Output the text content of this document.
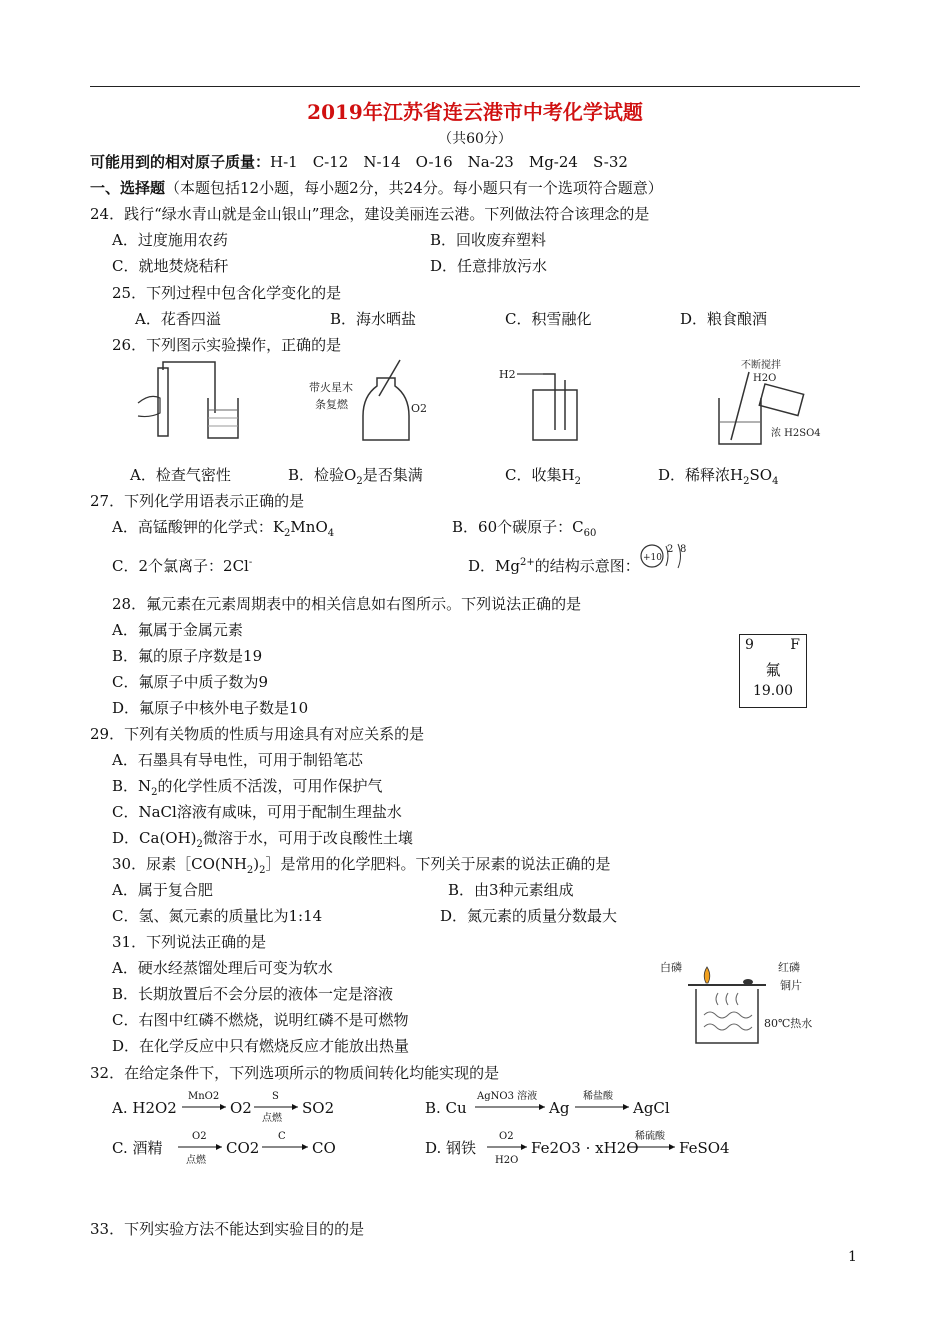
2019年江苏省连云港市中考化学试题
（共60分）
可能用到的相对原子质量：H-1　C-12　N-14　O-16　Na-23　Mg-24　S-32
一、选择题（本题包括12小题，每小题2分，共24分。每小题只有一个选项符合题意）
24．践行“绿水青山就是金山银山”理念，建设美丽连云港。下列做法符合该理念的是
A．过度施用农药	B．回收废弃塑料
C．就地焚烧秸秆	D．任意排放污水
25．下列过程中包含化学变化的是
A．花香四溢	B．海水晒盐	C．积雪融化	D．粮食酿酒
26．下列图示实验操作，正确的是
带火星木
条复燃	O2
H2
不断搅拌
H2O
浓 H2SO4
A．检查气密性	B．检验$O_2$是否集满	C．收集$H_2$	D．稀释浓$H_2SO_4$
27．下列化学用语表示正确的是
A．高锰酸钾的化学式：$K_2MnO_4$	B．60个碳原子：$C_{60}$
C．2个氯离子：2Cl-	D．$Mg^{2+}$的结构示意图： +10
2 8
28．氟元素在元素周期表中的相关信息如右图所示。下列说法正确的是
A．氟属于金属元素
B．氟的原子序数是19
C．氟原子中质子数为9
D．氟原子中核外电子数是10
9	F
氟
19.00
29．下列有关物质的性质与用途具有对应关系的是
A．石墨具有导电性，可用于制铅笔芯
B．$N_2$的化学性质不活泼，可用作保护气
C．NaCl溶液有咸味，可用于配制生理盐水
D．$Ca(OH)_2$微溶于水，可用于改良酸性土壤
30．尿素$[CO(NH_2)_2]$是常用的化学肥料。下列关于尿素的说法正确的是
A．属于复合肥	B．由3种元素组成
C．氢、氮元素的质量比为1:14	D．氮元素的质量分数最大
31．下列说法正确的是
A．硬水经蒸馏处理后可变为软水
B．长期放置后不会分层的液体一定是溶液
C．右图中红磷不燃烧，说明红磷不是可燃物
D．在化学反应中只有燃烧反应才能放出热量
白磷	红磷
铜片
80℃热水
32．在给定条件下，下列选项所示的物质间转化均能实现的是
A. H2O2
MnO2
O2
S
点燃
SO2	B. Cu
AgNO3 溶液
Ag
稀盐酸
AgCl
C. 酒精
O2
点燃
CO2
C
CO	D. 钢铁
O2
H2O
Fe2O3 · xH2O
稀硫酸
FeSO4
33．下列实验方法不能达到实验目的的是
1
